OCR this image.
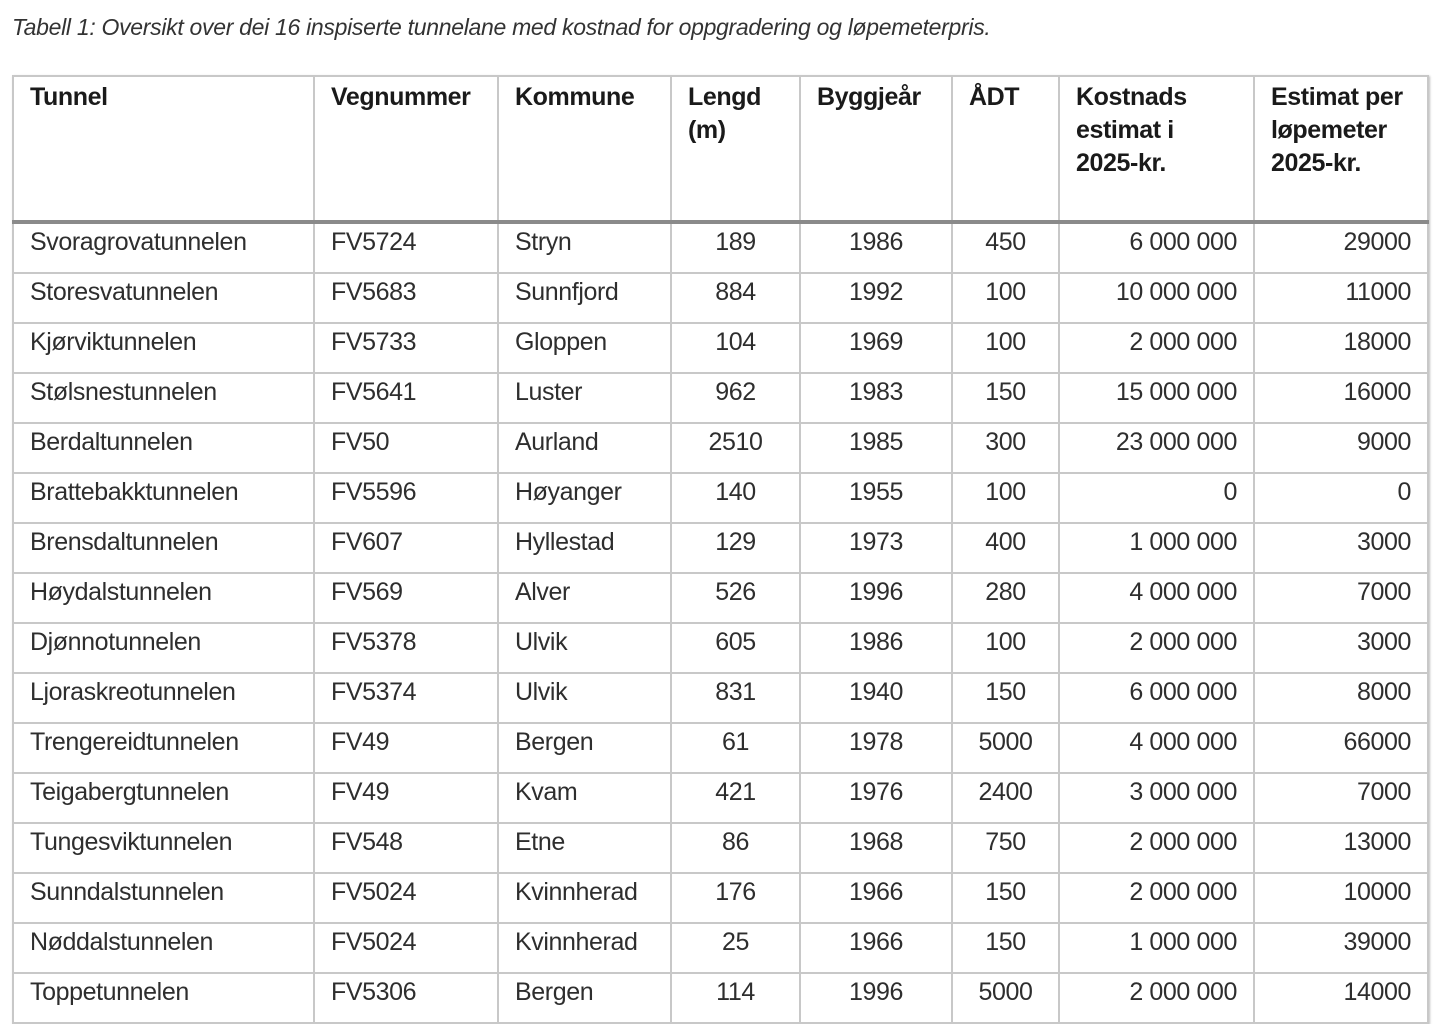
Tabell 1: Oversikt over dei 16 inspiserte tunnelane med kostnad for oppgradering og løpemeterpris.
Tunnel	Vegnummer	Kommune	Lengd (m)	Byggjeår	ÅDT	Kostnads estimat i 2025-kr.	Estimat per løpemeter 2025-kr.
Svoragrovatunnelen	FV5724	Stryn	189	1986	450	6 000 000	29000
Storesvatunnelen	FV5683	Sunnfjord	884	1992	100	10 000 000	11000
Kjørviktunnelen	FV5733	Gloppen	104	1969	100	2 000 000	18000
Stølsnestunnelen	FV5641	Luster	962	1983	150	15 000 000	16000
Berdaltunnelen	FV50	Aurland	2510	1985	300	23 000 000	9000
Brattebakktunnelen	FV5596	Høyanger	140	1955	100	0	0
Brensdaltunnelen	FV607	Hyllestad	129	1973	400	1 000 000	3000
Høydalstunnelen	FV569	Alver	526	1996	280	4 000 000	7000
Djønnotunnelen	FV5378	Ulvik	605	1986	100	2 000 000	3000
Ljoraskreotunnelen	FV5374	Ulvik	831	1940	150	6 000 000	8000
Trengereidtunnelen	FV49	Bergen	61	1978	5000	4 000 000	66000
Teigabergtunnelen	FV49	Kvam	421	1976	2400	3 000 000	7000
Tungesviktunnelen	FV548	Etne	86	1968	750	2 000 000	13000
Sunndalstunnelen	FV5024	Kvinnherad	176	1966	150	2 000 000	10000
Nøddalstunnelen	FV5024	Kvinnherad	25	1966	150	1 000 000	39000
Toppetunnelen	FV5306	Bergen	114	1996	5000	2 000 000	14000
